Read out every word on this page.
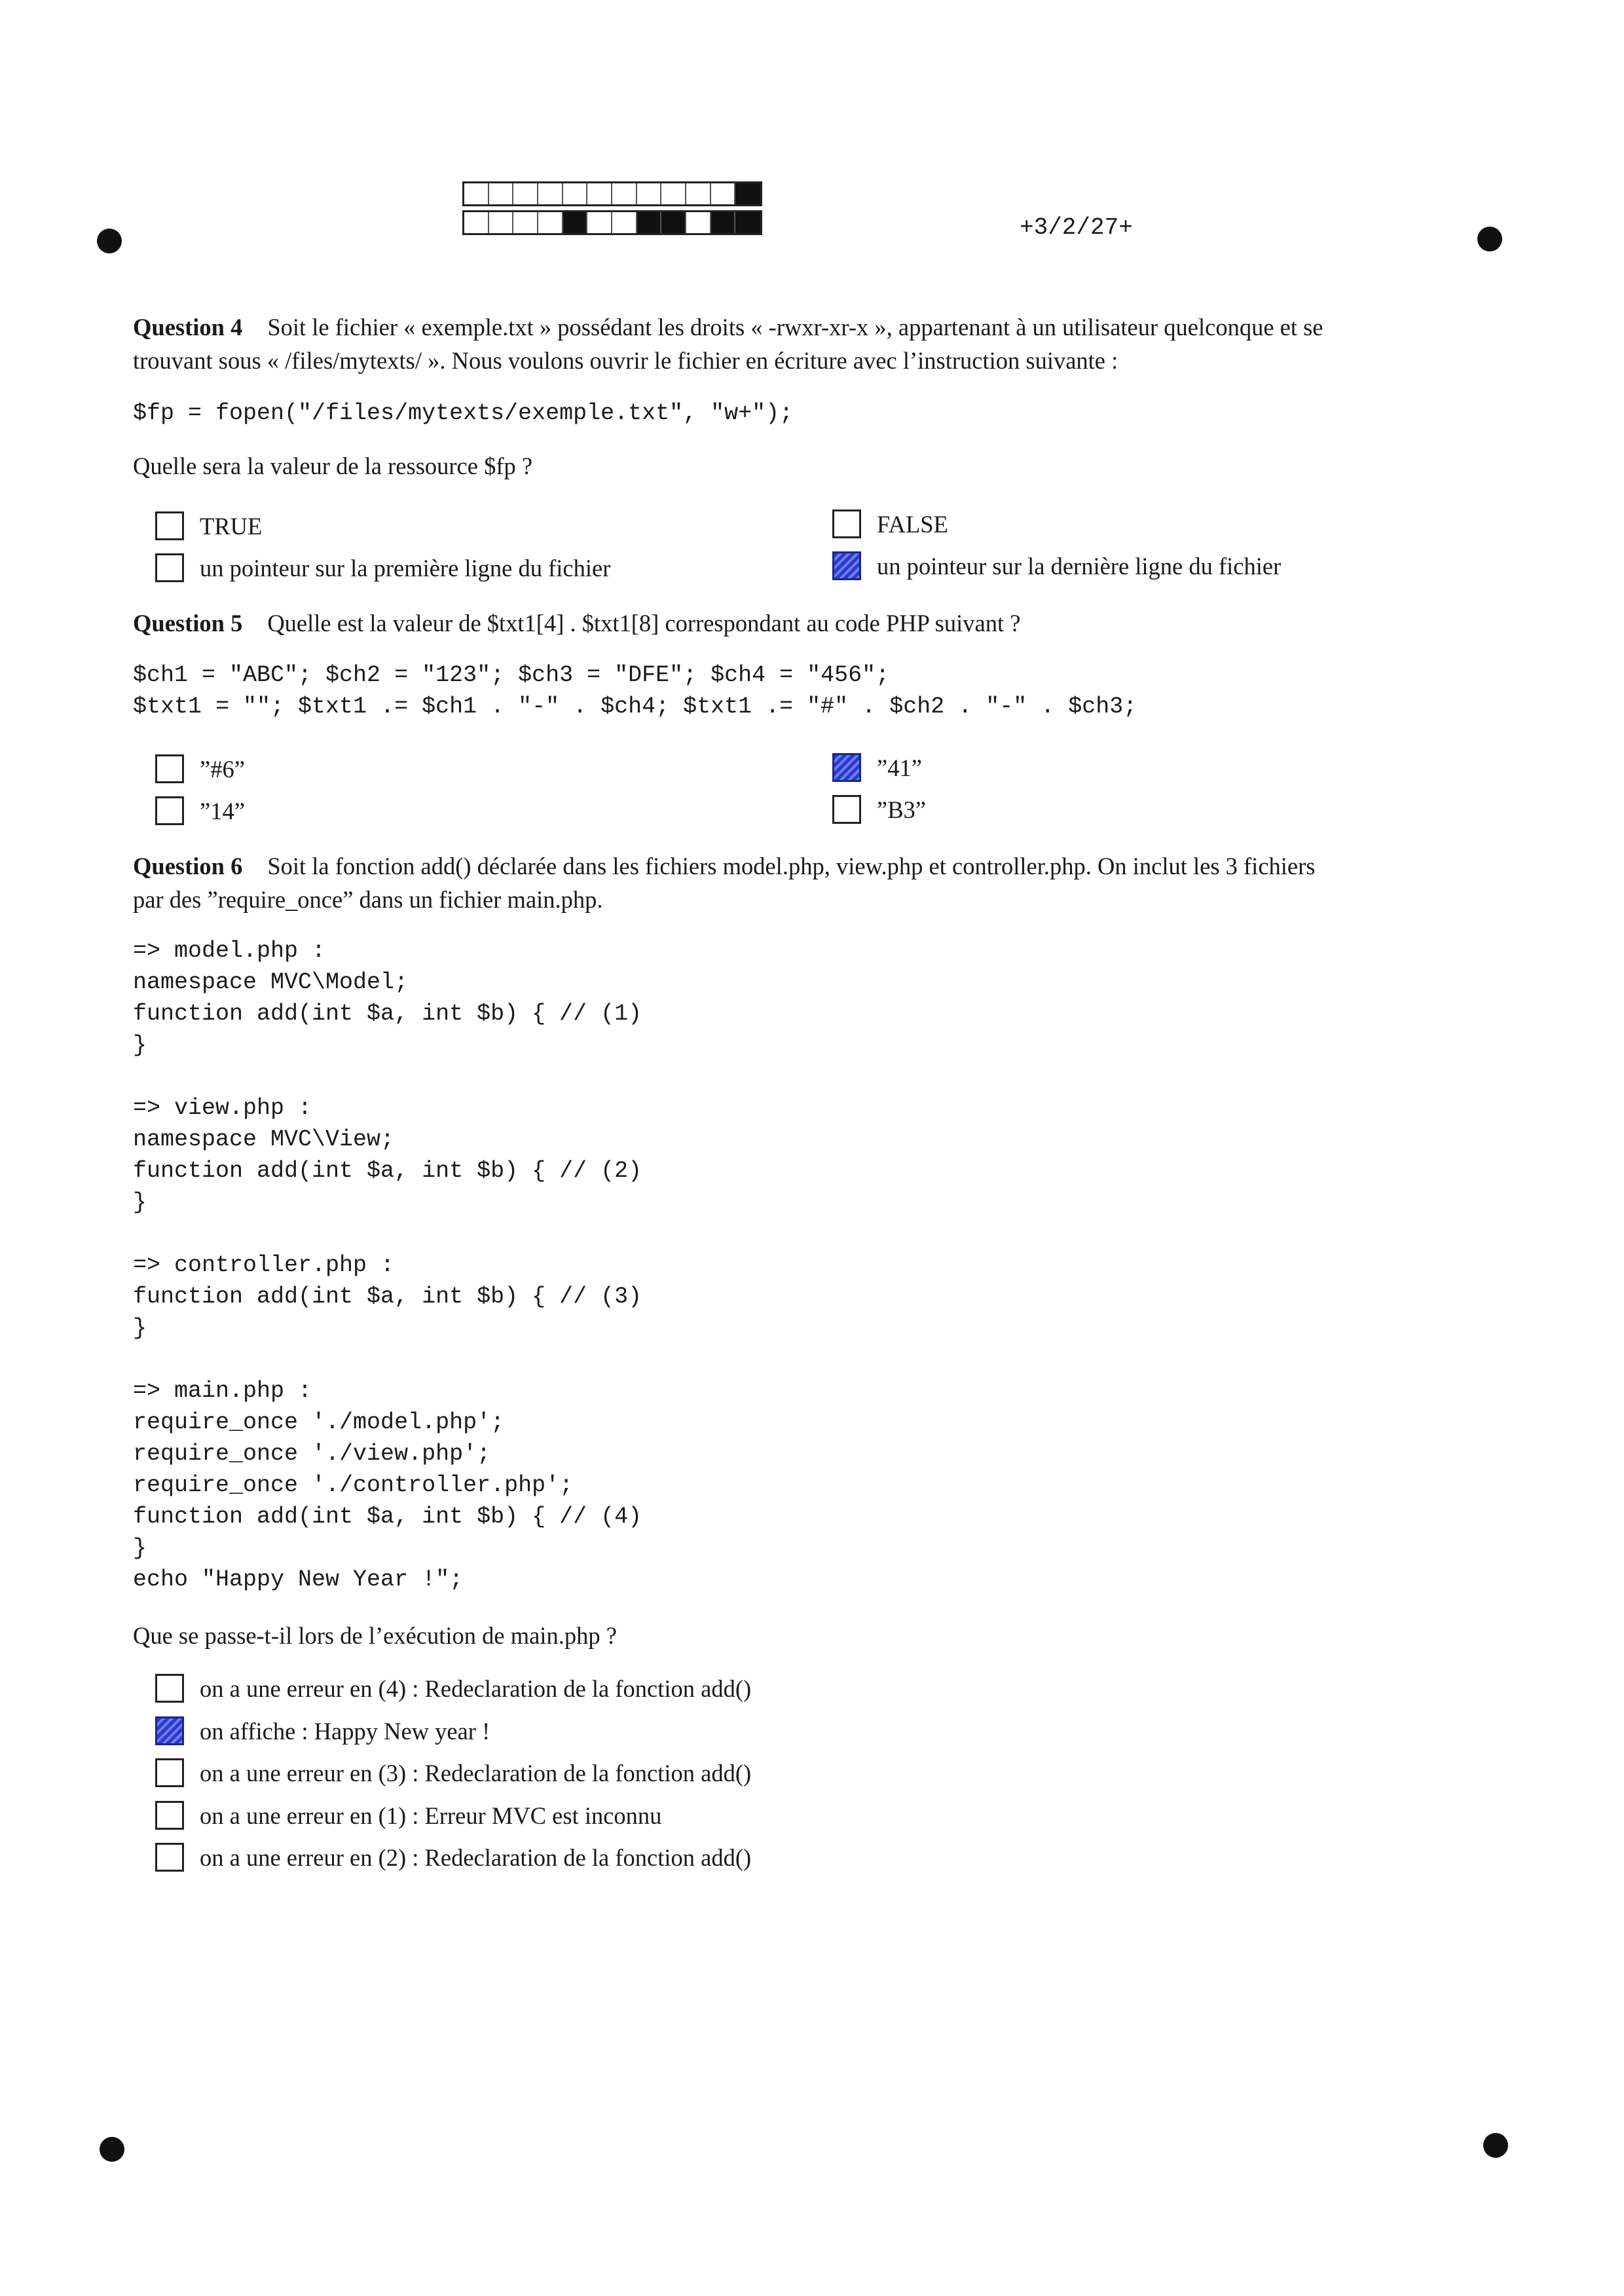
+3/2/27+
Question 4 Soit le fichier « exemple.txt » possédant les droits « -rwxr-xr-x », appartenant à un utilisateur quelconque et se
trouvant sous « /files/mytexts/ ». Nous voulons ouvrir le fichier en écriture avec l’instruction suivante :
$fp = fopen("/files/mytexts/exemple.txt", "w+");
Quelle sera la valeur de la ressource $fp ?
TRUE	FALSE
un pointeur sur la première ligne du fichier	un pointeur sur la dernière ligne du fichier
Question 5 Quelle est la valeur de $txt1[4] . $txt1[8] correspondant au code PHP suivant ?
$ch1 = "ABC"; $ch2 = "123"; $ch3 = "DFE"; $ch4 = "456";
$txt1 = ""; $txt1 .= $ch1 . "-" . $ch4; $txt1 .= "#" . $ch2 . "-" . $ch3;
”#6”	”41”
”14”	”B3”
Question 6 Soit la fonction add() déclarée dans les fichiers model.php, view.php et controller.php. On inclut les 3 fichiers
par des ”require_once” dans un fichier main.php.
=> model.php :
namespace MVC\Model;
function add(int $a, int $b) { // (1)
}

=> view.php :
namespace MVC\View;
function add(int $a, int $b) { // (2)
}

=> controller.php :
function add(int $a, int $b) { // (3)
}

=> main.php :
require_once './model.php';
require_once './view.php';
require_once './controller.php';
function add(int $a, int $b) { // (4)
}
echo "Happy New Year !";
Que se passe-t-il lors de l’exécution de main.php ?
on a une erreur en (4) : Redeclaration de la fonction add()
on affiche : Happy New year !
on a une erreur en (3) : Redeclaration de la fonction add()
on a une erreur en (1) : Erreur MVC est inconnu
on a une erreur en (2) : Redeclaration de la fonction add()
